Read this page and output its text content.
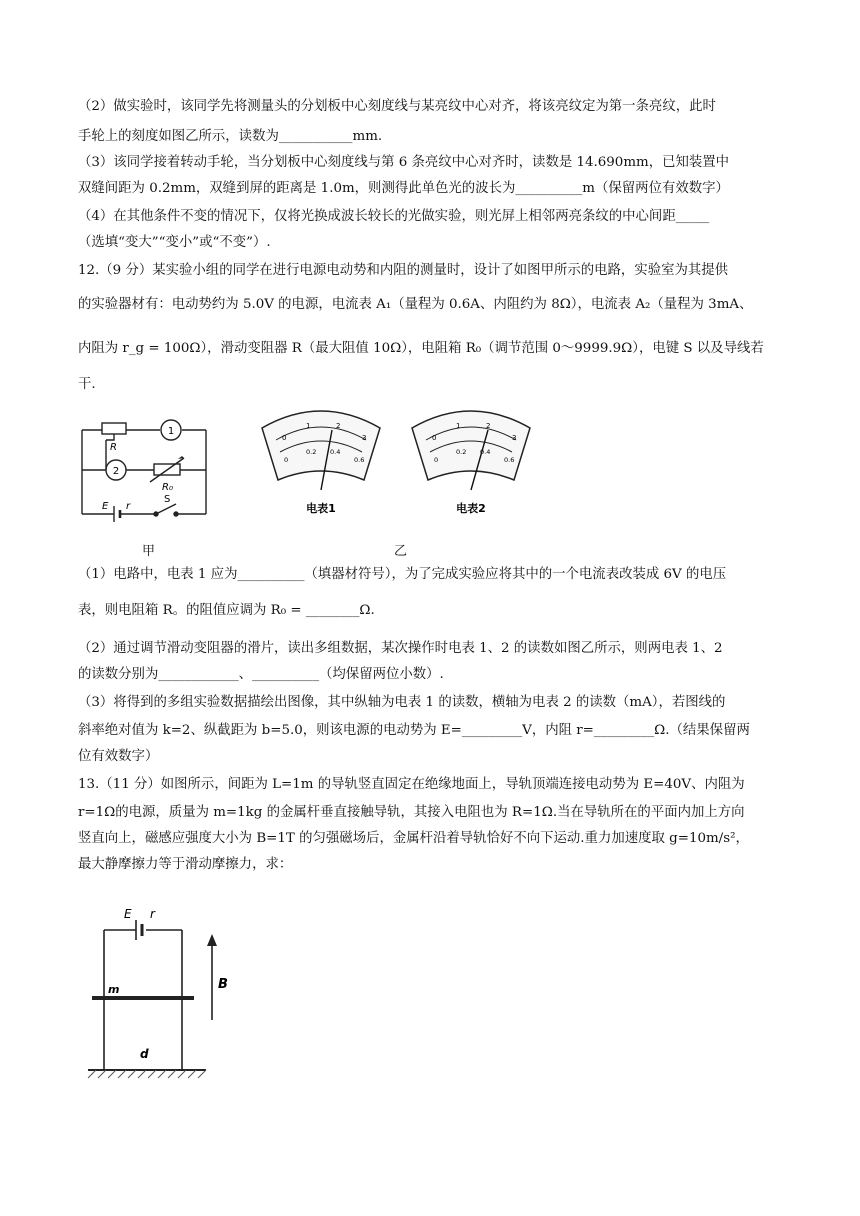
（2）做实验时，该同学先将测量头的分划板中心刻度线与某亮纹中心对齐，将该亮纹定为第一条亮纹，此时
手轮上的刻度如图乙所示，读数为___________mm.
（3）该同学接着转动手轮，当分划板中心刻度线与第 6 条亮纹中心对齐时，读数是 14.690mm，已知装置中
双缝间距为 0.2mm，双缝到屏的距离是 1.0m，则测得此单色光的波长为__________m（保留两位有效数字）
（4）在其他条件不变的情况下，仅将光换成波长较长的光做实验，则光屏上相邻两亮条纹的中心间距_____
（选填“变大”“变小”或“不变”）.
12.（9 分）某实验小组的同学在进行电源电动势和内阻的测量时，设计了如图甲所示的电路，实验室为其提供
的实验器材有：电动势约为 5.0V 的电源，电流表 A₁（量程为 0.6A、内阻约为 8Ω），电流表 A₂（量程为 3mA、
内阻为 r_g = 100Ω），滑动变阻器 R（最大阻值 10Ω），电阻箱 R₀（调节范围 0～9999.9Ω），电键 S 以及导线若
干.
R
1
2
R₀
E r
S
0
1	2
3
0
0.2 0.4
0.6
电表1
0
1	2
3
0
0.2 0.4
0.6
电表2
甲	乙
（1）电路中，电表 1 应为__________（填器材符号），为了完成实验应将其中的一个电流表改装成 6V 的电压
表，则电阻箱 R。的阻值应调为 R₀ = ________Ω.
（2）通过调节滑动变阻器的滑片，读出多组数据，某次操作时电表 1、2 的读数如图乙所示，则两电表 1、2
的读数分别为____________、__________（均保留两位小数）.
（3）将得到的多组实验数据描绘出图像，其中纵轴为电表 1 的读数，横轴为电表 2 的读数（mA），若图线的
斜率绝对值为 k=2、纵截距为 b=5.0，则该电源的电动势为 E=_________V，内阻 r=_________Ω.（结果保留两
位有效数字）
13.（11 分）如图所示，间距为 L=1m 的导轨竖直固定在绝缘地面上，导轨顶端连接电动势为 E=40V、内阻为
r=1Ω的电源，质量为 m=1kg 的金属杆垂直接触导轨，其接入电阻也为 R=1Ω.当在导轨所在的平面内加上方向
竖直向上，磁感应强度大小为 B=1T 的匀强磁场后，金属杆沿着导轨恰好不向下运动.重力加速度取 g=10m/s²，
最大静摩擦力等于滑动摩擦力，求：
E r
B
m
d
